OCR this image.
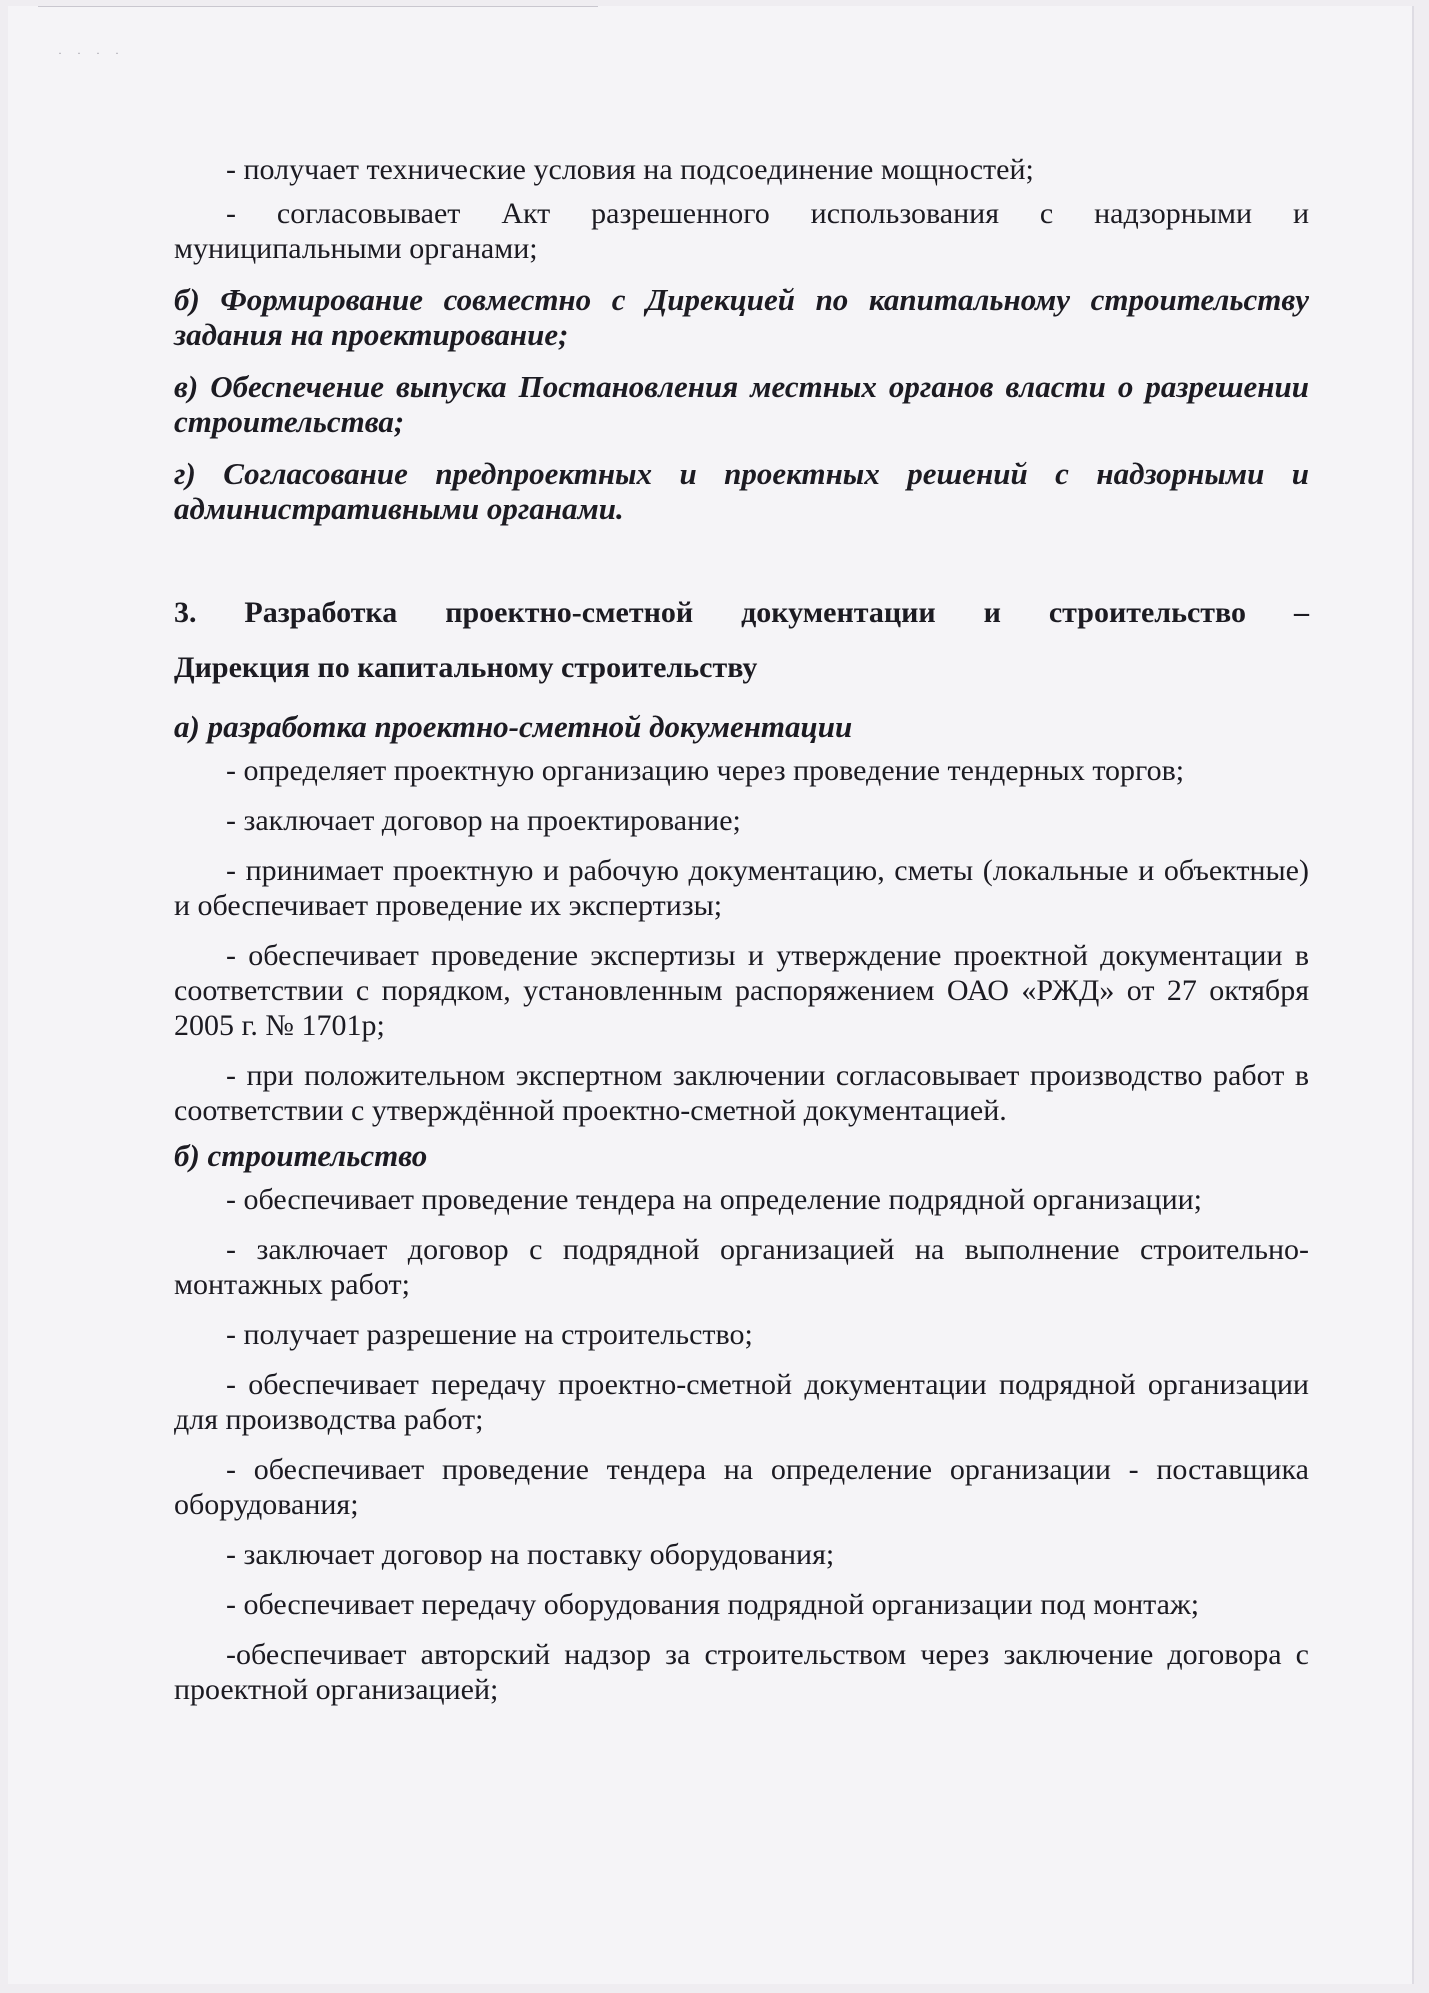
· · · ·

- получает технические условия на подсоединение мощностей;

- согласовывает Акт разрешенного использования с надзорными и муниципальными органами;

б) Формирование совместно с Дирекцией по капитальному строительству задания на проектирование;

в) Обеспечение выпуска Постановления местных органов власти о разрешении строительства;

г) Согласование предпроектных и проектных решений с надзорными и административными органами.

3. Разработка проектно-сметной документации и строительство –

Дирекция по капитальному строительству

а) разработка проектно-сметной документации

- определяет проектную организацию через проведение тендерных торгов;

- заключает договор на проектирование;

- принимает проектную и рабочую документацию, сметы (локальные и объектные) и обеспечивает проведение их экспертизы;

- обеспечивает проведение экспертизы и утверждение проектной документации в соответствии с порядком, установленным распоряжением ОАО «РЖД» от 27 октября 2005 г. № 1701р;

- при положительном экспертном заключении согласовывает производство работ в соответствии с утверждённой проектно-сметной документацией.

б) строительство

- обеспечивает проведение тендера на определение подрядной организации;

- заключает договор с подрядной организацией на выполнение строительно-монтажных работ;

- получает разрешение на строительство;

- обеспечивает передачу проектно-сметной документации подрядной организации для производства работ;

- обеспечивает проведение тендера на определение организации - поставщика оборудования;

- заключает договор на поставку оборудования;

- обеспечивает передачу оборудования подрядной организации под монтаж;

-обеспечивает авторский надзор за строительством через заключение договора с проектной организацией;
